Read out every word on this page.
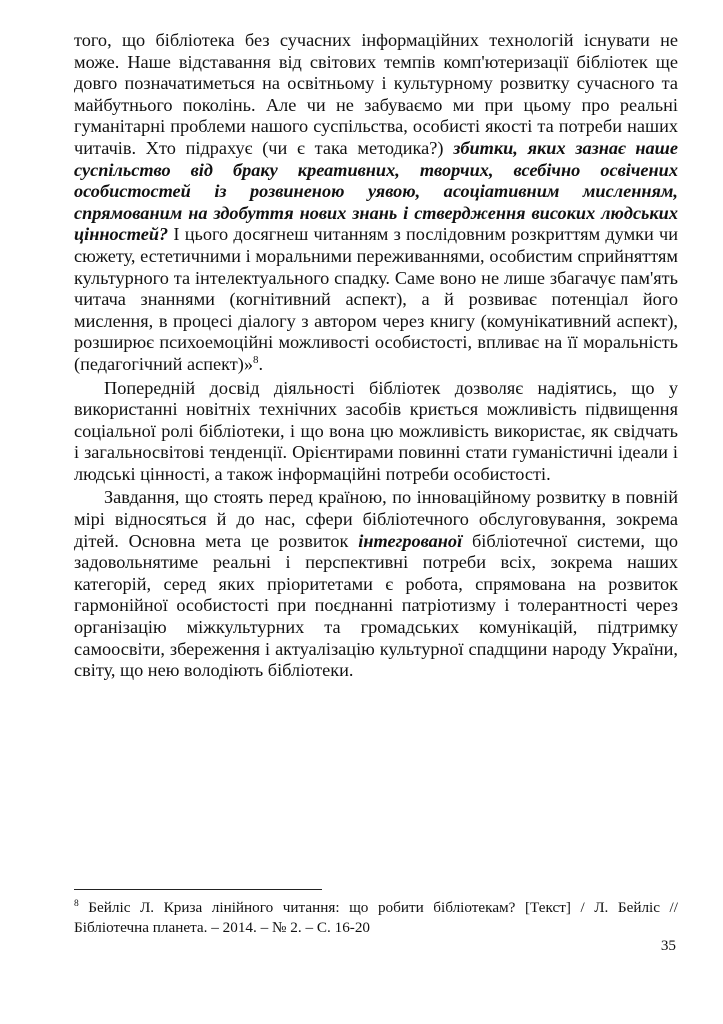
того, що бібліотека без сучасних інформаційних технологій існувати не може. Наше відставання від світових темпів комп'ютеризації бібліотек ще довго позначатиметься на освітньому і культурному розвитку сучасного та майбутнього поколінь. Але чи не забуваємо ми при цьому про реальні гуманітарні проблеми нашого суспільства, особисті якості та потреби наших читачів. Хто підрахує (чи є така методика?) збитки, яких зазнає наше суспільство від браку креативних, творчих, всебічно освічених особистостей із розвиненою уявою, асоціативним мисленням, спрямованим на здобуття нових знань і ствердження високих людських цінностей? І цього досягнеш читанням з послідовним розкриттям думки чи сюжету, естетичними і моральними переживаннями, особистим сприйняттям культурного та інтелектуального спадку. Саме воно не лише збагачує пам'ять читача знаннями (когнітивний аспект), а й розвиває потенціал його мислення, в процесі діалогу з автором через книгу (комунікативний аспект), розширює психоемоційні можливості особистості, впливає на її моральність (педагогічний аспект)»$^8$.

Попередній досвід діяльності бібліотек дозволяє надіятись, що у використанні новітніх технічних засобів криється можливість підвищення соціальної ролі бібліотеки, і що вона цю можливість використає, як свідчать і загальносвітові тенденції. Орієнтирами повинні стати гуманістичні ідеали і людські цінності, а також інформаційні потреби особистості.

Завдання, що стоять перед країною, по інноваційному розвитку в повній мірі відносяться й до нас, сфери бібліотечного обслуговування, зокрема дітей. Основна мета це розвиток інтегрованої бібліотечної системи, що задовольнятиме реальні і перспективні потреби всіх, зокрема наших категорій, серед яких пріоритетами є робота, спрямована на розвиток гармонійної особистості при поєднанні патріотизму і толерантності через організацію міжкультурних та громадських комунікацій, підтримку самоосвіти, збереження і актуалізацію культурної спадщини народу України, світу, що нею володіють бібліотеки.

$^8$ Бейліс Л. Криза лінійного читання: що робити бібліотекам? [Текст] / Л. Бейліс // Бібліотечна планета. – 2014. – № 2. – С. 16-20
35
